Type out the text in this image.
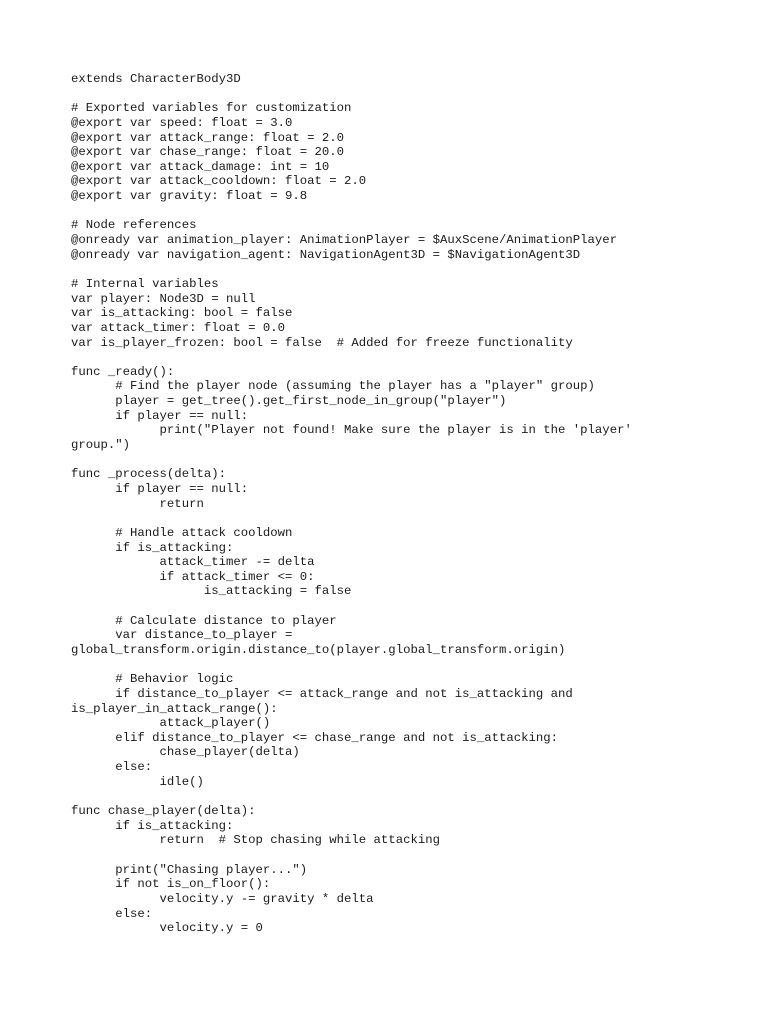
extends CharacterBody3D
# Exported variables for customization
@export var speed: float = 3.0
@export var attack_range: float = 2.0
@export var chase_range: float = 20.0
@export var attack_damage: int = 10
@export var attack_cooldown: float = 2.0
@export var gravity: float = 9.8
# Node references
@onready var animation_player: AnimationPlayer = $AuxScene/AnimationPlayer
@onready var navigation_agent: NavigationAgent3D = $NavigationAgent3D
# Internal variables
var player: Node3D = null
var is_attacking: bool = false
var attack_timer: float = 0.0
var is_player_frozen: bool = false  # Added for freeze functionality
func _ready():
# Find the player node (assuming the player has a "player" group)
player = get_tree().get_first_node_in_group("player")
if player == null:
print("Player not found! Make sure the player is in the 'player'
group.")
func _process(delta):
if player == null:
return
# Handle attack cooldown
if is_attacking:
attack_timer -= delta
if attack_timer <= 0:
is_attacking = false
# Calculate distance to player
var distance_to_player =
global_transform.origin.distance_to(player.global_transform.origin)
# Behavior logic
if distance_to_player <= attack_range and not is_attacking and
is_player_in_attack_range():
attack_player()
elif distance_to_player <= chase_range and not is_attacking:
chase_player(delta)
else:
idle()
func chase_player(delta):
if is_attacking:
return  # Stop chasing while attacking
print("Chasing player...")
if not is_on_floor():
velocity.y -= gravity * delta
else:
velocity.y = 0
